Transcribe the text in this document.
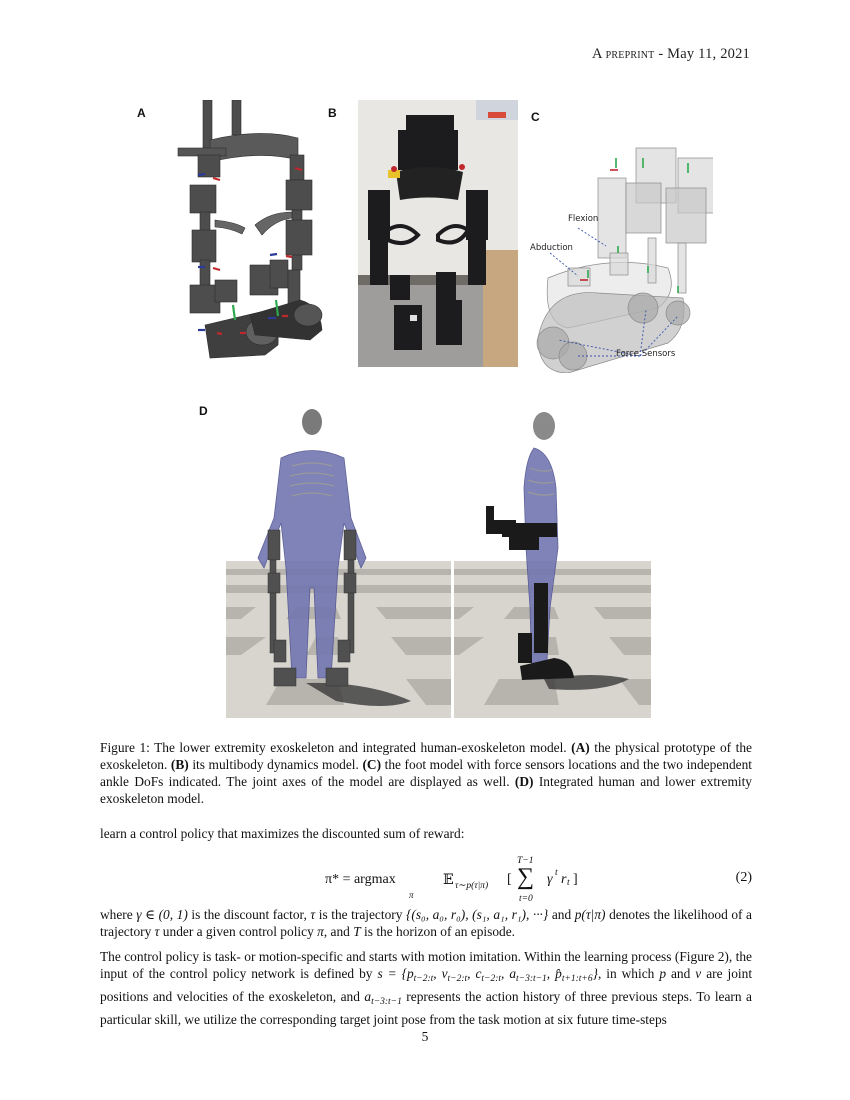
A preprint - May 11, 2021
A	B	C
D
Flexion
Abduction
Force Sensors
Figure 1: The lower extremity exoskeleton and integrated human-exoskeleton model. (A) the physical prototype of the exoskeleton. (B) its multibody dynamics model. (C) the foot model with force sensors locations and the two independent ankle DoFs indicated. The joint axes of the model are displayed as well. (D) Integrated human and lower extremity exoskeleton model.
learn a control policy that maximizes the discounted sum of reward:
π* = argmax
π
𝔼 τ∼p(τ|π) [
T−1
∑
t=0
γ t r t ]	(2)
where γ ∈ (0, 1) is the discount factor, τ is the trajectory {(s₀, a₀, r₀), (s₁, a₁, r₁), ···} and p(τ|π) denotes the likelihood of a trajectory τ under a given control policy π, and T is the horizon of an episode.
The control policy is task- or motion-specific and starts with motion imitation. Within the learning process (Figure 2), the input of the control policy network is defined by $s = \{p_{t-2:t}$, $v_{t-2:t}$, $c_{t-2:t}$, $a_{t-3:t-1}$, $p̂_{t+1:t+6}$}, in which p and v are joint positions and velocities of the exoskeleton, and $a_{t-3:t-1}$ represents the action history of three previous steps. To learn a particular skill, we utilize the corresponding target joint pose from the task motion at six future time-steps
5
